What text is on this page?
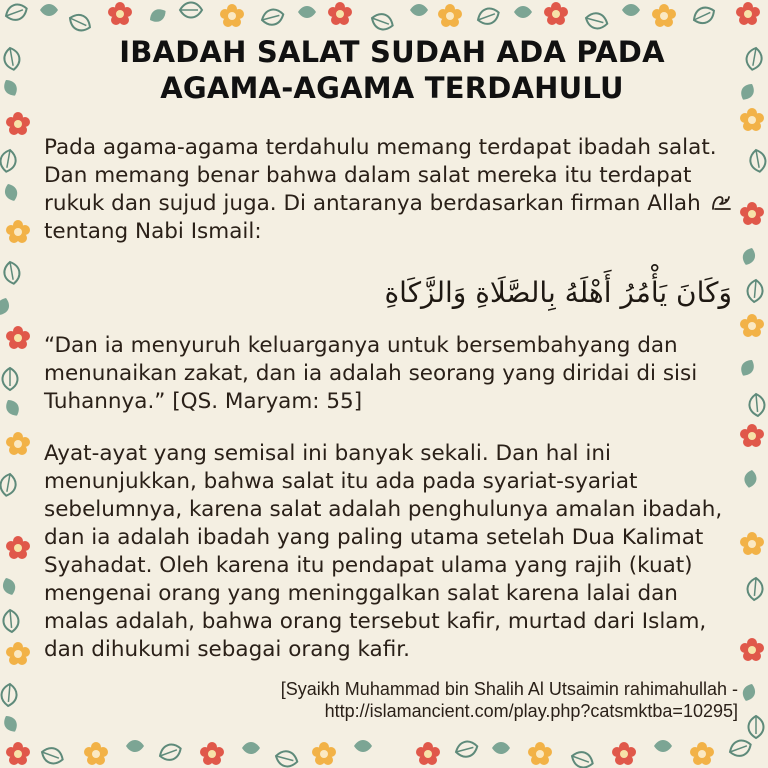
IBADAH SALAT SUDAH ADA PADA
AGAMA-AGAMA TERDAHULU

Pada agama-agama terdahulu memang terdapat ibadah salat. Dan memang benar bahwa dalam salat mereka itu terdapat rukuk dan sujud juga. Di antaranya berdasarkan firman Allah  tentang Nabi Ismail:

وَكَانَ يَأْمُرُ أَهْلَهُ بِالصَّلَاةِ وَالزَّكَاةِ

“Dan ia menyuruh keluarganya untuk bersembahyang dan menunaikan zakat, dan ia adalah seorang yang diridai di sisi Tuhannya.” [QS. Maryam: 55]

Ayat-ayat yang semisal ini banyak sekali. Dan hal ini menunjukkan, bahwa salat itu ada pada syariat-syariat sebelumnya, karena salat adalah penghulunya amalan ibadah, dan ia adalah ibadah yang paling utama setelah Dua Kalimat Syahadat. Oleh karena itu pendapat ulama yang rajih (kuat) mengenai orang yang meninggalkan salat karena lalai dan malas adalah, bahwa orang tersebut kafir, murtad dari Islam, dan dihukumi sebagai orang kafir.

[Syaikh Muhammad bin Shalih Al Utsaimin rahimahullah -
http://islamancient.com/play.php?catsmktba=10295]
